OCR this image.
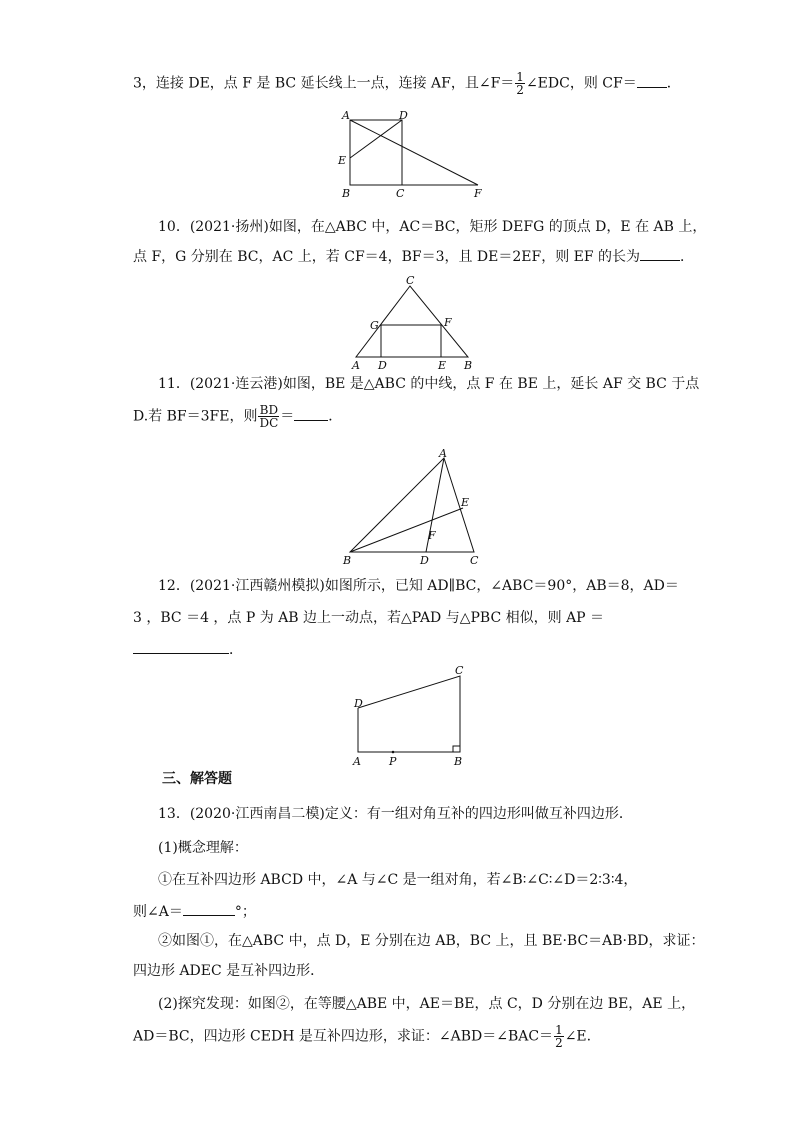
3，连接 DE，点 F 是 BC 延长线上一点，连接 AF，且∠F＝ $\frac{1}{2}$ ∠EDC，则 CF＝ ．
A	D
E
B	C	F
10．(2021·扬州)如图，在△ABC 中，AC＝BC，矩形 DEFG 的顶点 D，E 在 AB 上，
点 F，G 分别在 BC，AC 上，若 CF＝4，BF＝3，且 DE＝2EF，则 EF 的长为	．
C
G	F
A D	E B
11．(2021·连云港)如图，BE 是△ABC 的中线，点 F 在 BE 上，延长 AF 交 BC 于点
D.若 BF＝3FE，则 $\frac{BD}{DC}$ ＝ ．
A
E
F
B	D	C
12．(2021·江西赣州模拟)如图所示，已知 AD∥BC，∠ABC＝90°，AB＝8，AD＝
3 ，BC ＝4 ，点 P 为 AB 边上一动点，若△PAD 与△PBC 相似，则 AP ＝
．
D
C
A	P	B
三、解答题
13．(2020·江西南昌二模)定义：有一组对角互补的四边形叫做互补四边形．
(1)概念理解：
①在互补四边形 ABCD 中，∠A 与∠C 是一组对角，若∠B∶∠C∶∠D＝2∶3∶4，
则∠A＝	°；
②如图①，在△ABC 中，点 D，E 分别在边 AB，BC 上，且 BE·BC＝AB·BD，求证：
四边形 ADEC 是互补四边形．
(2)探究发现：如图②，在等腰△ABE 中，AE＝BE，点 C，D 分别在边 BE，AE 上，
AD＝BC，四边形 CEDH 是互补四边形，求证：∠ABD＝∠BAC＝ $\frac{1}{2}$ ∠E.
